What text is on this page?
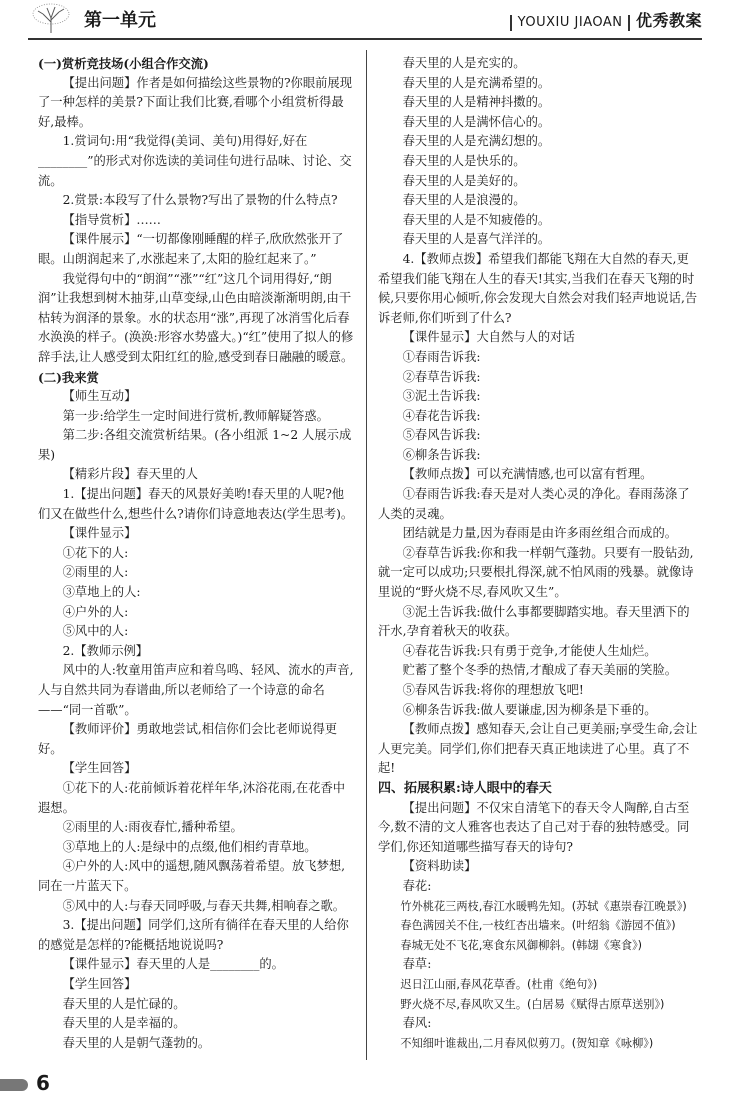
第一单元	YOUXIU JIAOAN 优秀教案

(一)赏析竞技场(小组合作交流)

【提出问题】作者是如何描绘这些景物的?你眼前展现了一种怎样的美景?下面让我们比赛,看哪个小组赏析得最好,最棒。

1.赏词句:用“我觉得(美词、美句)用得好,好在________”的形式对你选读的美词佳句进行品味、讨论、交流。

2.赏景:本段写了什么景物?写出了景物的什么特点?

【指导赏析】……

【课件展示】“一切都像刚睡醒的样子,欣欣然张开了眼。山朗润起来了,水涨起来了,太阳的脸红起来了。”

我觉得句中的“朗润”“涨”“红”这几个词用得好,“朗润”让我想到树木抽芽,山草变绿,山色由暗淡渐渐明朗,由干枯转为润泽的景象。水的状态用“涨”,再现了冰消雪化后春水涣涣的样子。(涣涣:形容水势盛大。)“红”使用了拟人的修辞手法,让人感受到太阳红红的脸,感受到春日融融的暖意。

(二)我来赏

【师生互动】

第一步:给学生一定时间进行赏析,教师解疑答惑。

第二步:各组交流赏析结果。(各小组派 1~2 人展示成果)

【精彩片段】春天里的人

1.【提出问题】春天的风景好美哟!春天里的人呢?他们又在做些什么,想些什么?请你们诗意地表达(学生思考)。

【课件显示】

①花下的人:

②雨里的人:

③草地上的人:

④户外的人:

⑤风中的人:

2.【教师示例】

风中的人:牧童用笛声应和着鸟鸣、轻风、流水的声音,人与自然共同为春谱曲,所以老师给了一个诗意的命名——“同一首歌”。

【教师评价】勇敢地尝试,相信你们会比老师说得更好。

【学生回答】

①花下的人:花前倾诉着花样年华,沐浴花雨,在花香中遐想。

②雨里的人:雨夜春忙,播种希望。

③草地上的人:是绿中的点缀,他们相约青草地。

④户外的人:风中的遥想,随风飘荡着希望。放飞梦想,同在一片蓝天下。

⑤风中的人:与春天同呼吸,与春天共舞,相响春之歌。

3.【提出问题】同学们,这所有徜徉在春天里的人给你的感觉是怎样的?能概括地说说吗?

【课件显示】春天里的人是________的。

【学生回答】

春天里的人是忙碌的。

春天里的人是幸福的。

春天里的人是朝气蓬勃的。

春天里的人是充实的。

春天里的人是充满希望的。

春天里的人是精神抖擞的。

春天里的人是满怀信心的。

春天里的人是充满幻想的。

春天里的人是快乐的。

春天里的人是美好的。

春天里的人是浪漫的。

春天里的人是不知疲倦的。

春天里的人是喜气洋洋的。

4.【教师点拨】希望我们都能飞翔在大自然的春天,更希望我们能飞翔在人生的春天!其实,当我们在春天飞翔的时候,只要你用心倾听,你会发现大自然会对我们轻声地说话,告诉老师,你们听到了什么?

【课件显示】大自然与人的对话

①春雨告诉我:

②春草告诉我:

③泥土告诉我:

④春花告诉我:

⑤春风告诉我:

⑥柳条告诉我:

【教师点拨】可以充满情感,也可以富有哲理。

①春雨告诉我:春天是对人类心灵的净化。春雨荡涤了人类的灵魂。

团结就是力量,因为春雨是由许多雨丝组合而成的。

②春草告诉我:你和我一样朝气蓬勃。只要有一股钻劲,就一定可以成功;只要根扎得深,就不怕风雨的残暴。就像诗里说的“野火烧不尽,春风吹又生”。

③泥土告诉我:做什么事都要脚踏实地。春天里洒下的汗水,孕育着秋天的收获。

④春花告诉我:只有勇于竞争,才能使人生灿烂。

贮蓄了整个冬季的热情,才酿成了春天美丽的笑脸。

⑤春风告诉我:将你的理想放飞吧!

⑥柳条告诉我:做人要谦虚,因为柳条是下垂的。

【教师点拨】感知春天,会让自己更美丽;享受生命,会让人更完美。同学们,你们把春天真正地读进了心里。真了不起!

四、拓展积累:诗人眼中的春天

【提出问题】不仅宋自清笔下的春天令人陶醉,自古至今,数不清的文人雅客也表达了自己对于春的独特感受。同学们,你还知道哪些描写春天的诗句?

【资料助读】

春花:

竹外桃花三两枝,春江水暖鸭先知。(苏轼《惠崇春江晚景》)

春色满园关不住,一枝红杏出墙来。(叶绍翁《游园不值》)

春城无处不飞花,寒食东风御柳斜。(韩翃《寒食》)

春草:

迟日江山丽,春风花草香。(杜甫《绝句》)

野火烧不尽,春风吹又生。(白居易《赋得古原草送别》)

春风:

不知细叶谁裁出,二月春风似剪刀。(贺知章《咏柳》)

6
